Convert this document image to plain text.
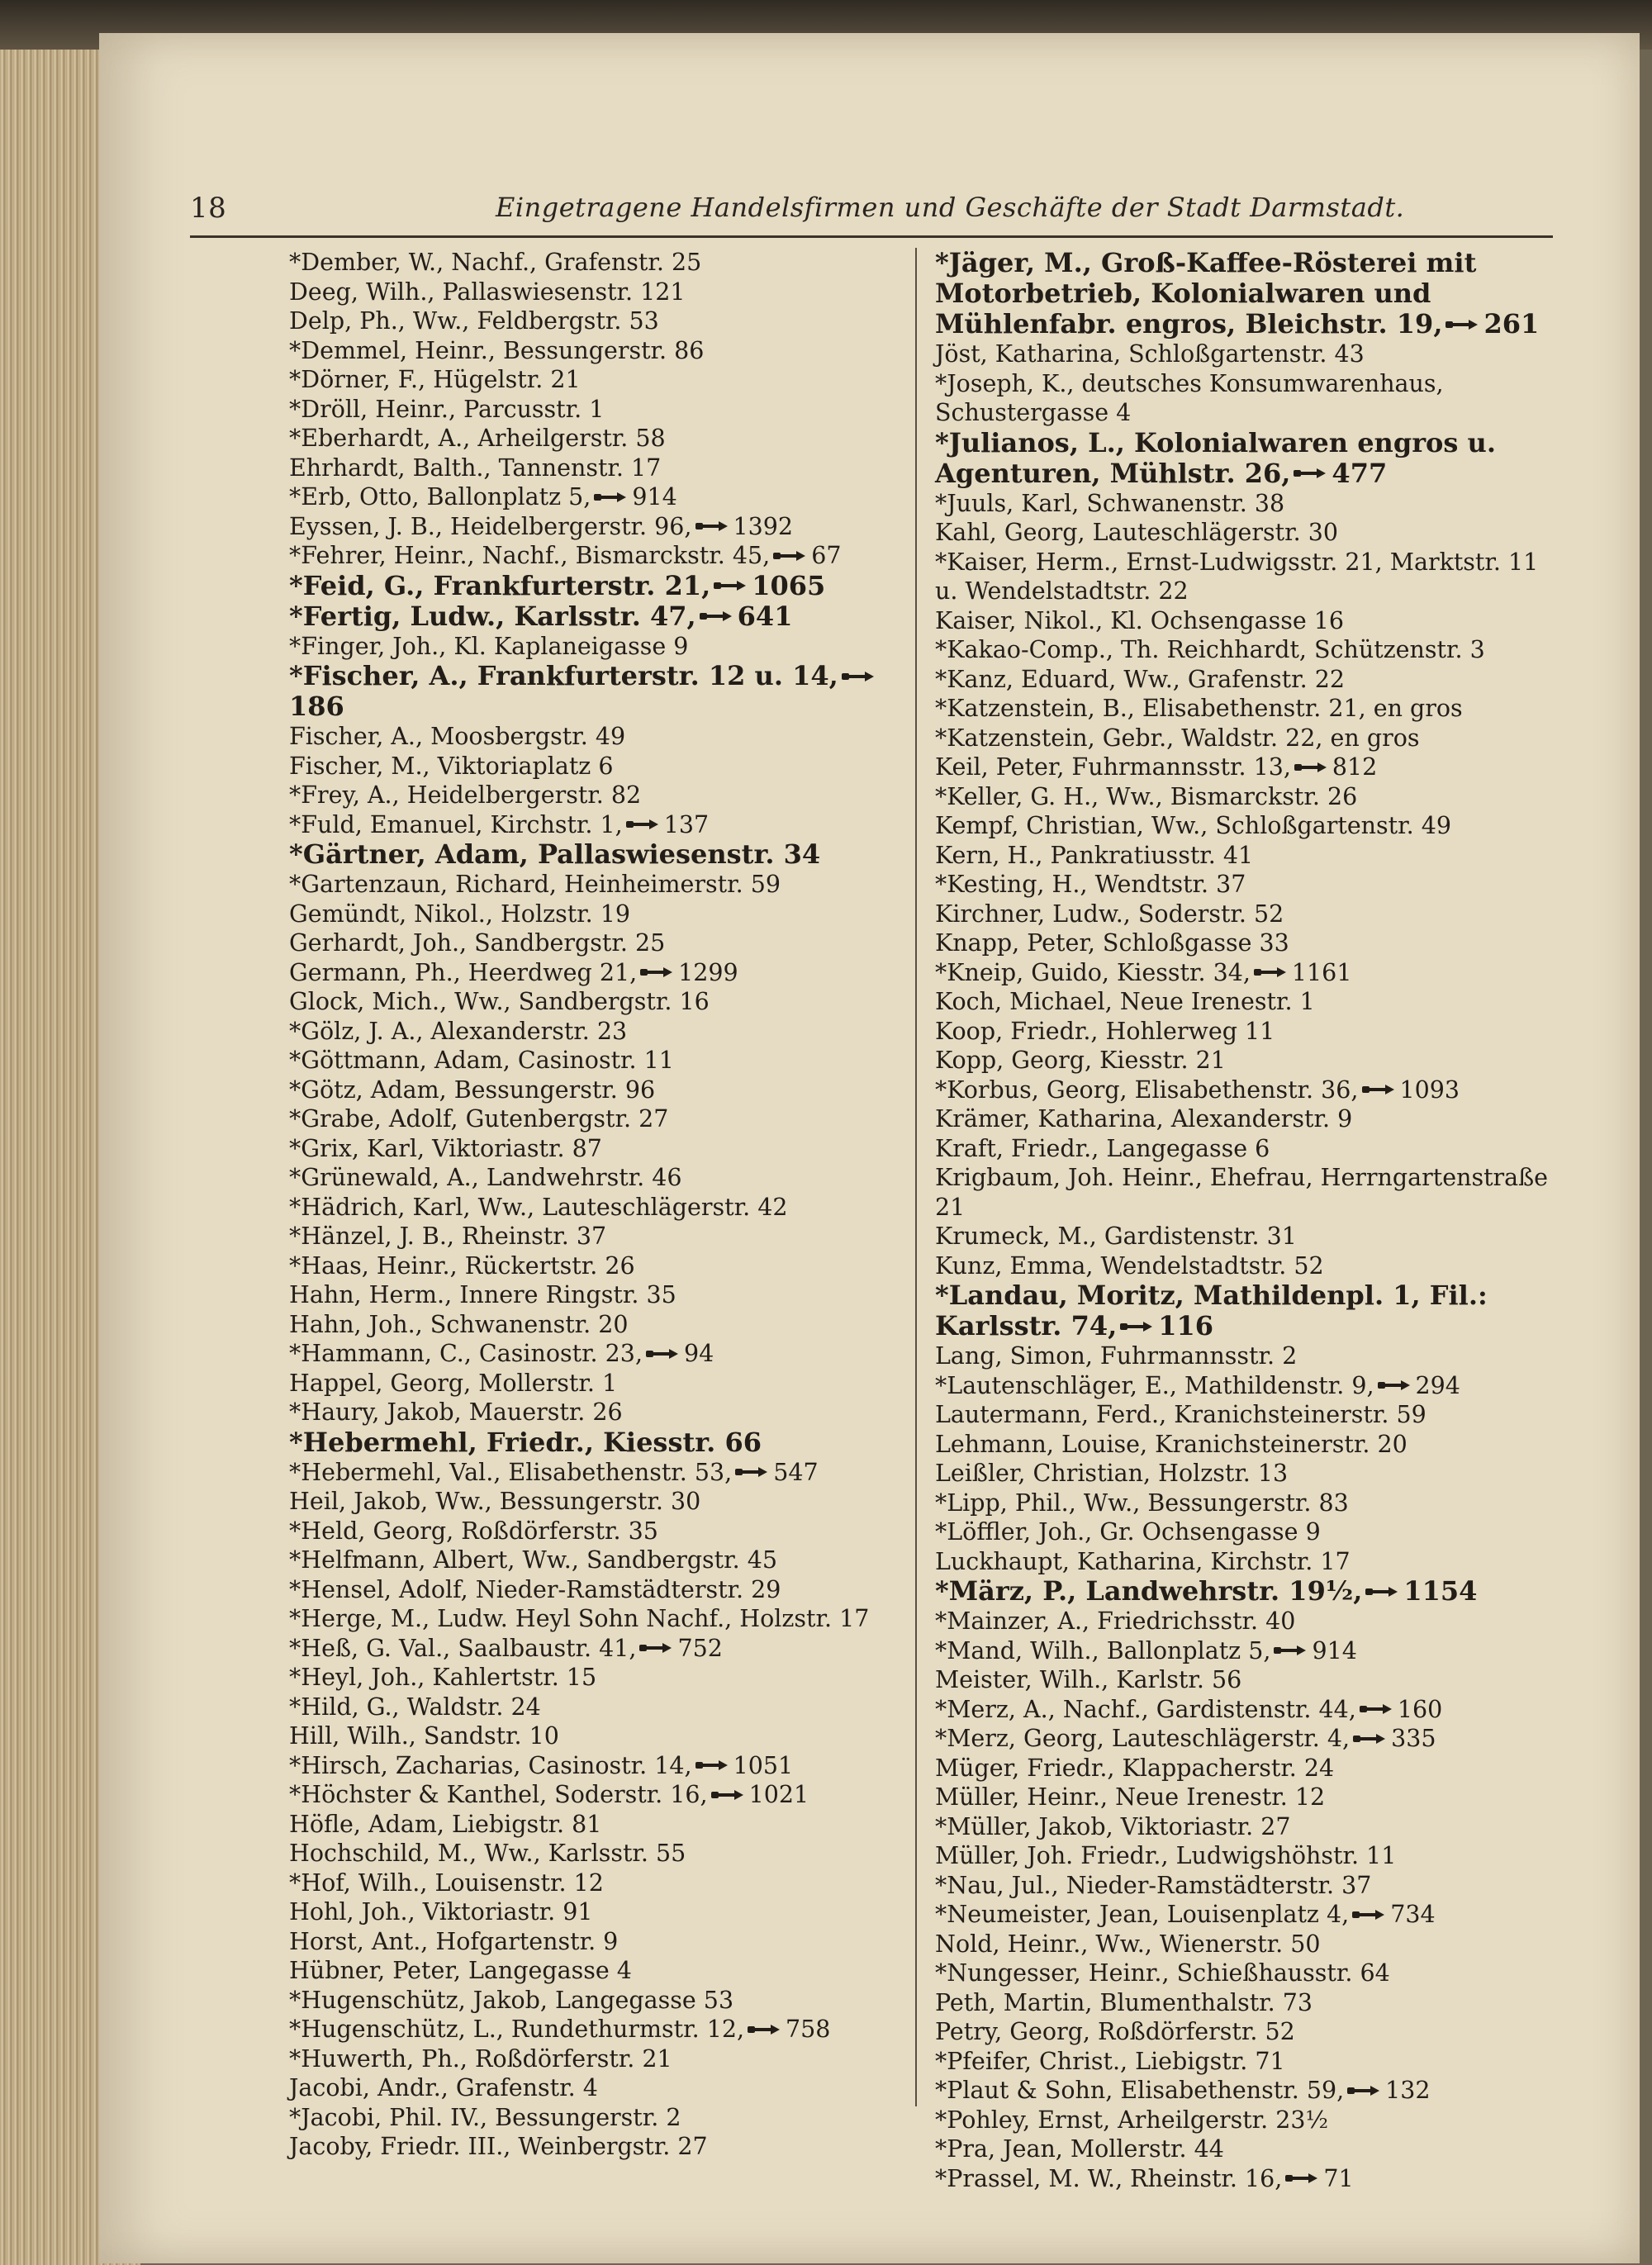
18	Eingetragene Handelsfirmen und Geschäfte der Stadt Darmstadt.
*Dember, W., Nachf., Grafenstr. 25
Deeg, Wilh., Pallaswiesenstr. 121
Delp, Ph., Ww., Feldbergstr. 53
*Demmel, Heinr., Bessungerstr. 86
*Dörner, F., Hügelstr. 21
*Dröll, Heinr., Parcusstr. 1
*Eberhardt, A., Arheilgerstr. 58
Ehrhardt, Balth., Tannenstr. 17
*Erb, Otto, Ballonplatz 5, 914
Eyssen, J. B., Heidelbergerstr. 96, 1392
*Fehrer, Heinr., Nachf., Bismarckstr. 45, 67
*Feid, G., Frankfurterstr. 21, 1065
*Fertig, Ludw., Karlsstr. 47, 641
*Finger, Joh., Kl. Kaplaneigasse 9
*Fischer, A., Frankfurterstr. 12 u. 14,
186
Fischer, A., Moosbergstr. 49
Fischer, M., Viktoriaplatz 6
*Frey, A., Heidelbergerstr. 82
*Fuld, Emanuel, Kirchstr. 1, 137
*Gärtner, Adam, Pallaswiesenstr. 34
*Gartenzaun, Richard, Heinheimerstr. 59
Gemündt, Nikol., Holzstr. 19
Gerhardt, Joh., Sandbergstr. 25
Germann, Ph., Heerdweg 21, 1299
Glock, Mich., Ww., Sandbergstr. 16
*Gölz, J. A., Alexanderstr. 23
*Göttmann, Adam, Casinostr. 11
*Götz, Adam, Bessungerstr. 96
*Grabe, Adolf, Gutenbergstr. 27
*Grix, Karl, Viktoriastr. 87
*Grünewald, A., Landwehrstr. 46
*Hädrich, Karl, Ww., Lauteschlägerstr. 42
*Hänzel, J. B., Rheinstr. 37
*Haas, Heinr., Rückertstr. 26
Hahn, Herm., Innere Ringstr. 35
Hahn, Joh., Schwanenstr. 20
*Hammann, C., Casinostr. 23, 94
Happel, Georg, Mollerstr. 1
*Haury, Jakob, Mauerstr. 26
*Hebermehl, Friedr., Kiesstr. 66
*Hebermehl, Val., Elisabethenstr. 53, 547
Heil, Jakob, Ww., Bessungerstr. 30
*Held, Georg, Roßdörferstr. 35
*Helfmann, Albert, Ww., Sandbergstr. 45
*Hensel, Adolf, Nieder-Ramstädterstr. 29
*Herge, M., Ludw. Heyl Sohn Nachf., Holzstr. 17
*Heß, G. Val., Saalbaustr. 41, 752
*Heyl, Joh., Kahlertstr. 15
*Hild, G., Waldstr. 24
Hill, Wilh., Sandstr. 10
*Hirsch, Zacharias, Casinostr. 14, 1051
*Höchster & Kanthel, Soderstr. 16, 1021
Höfle, Adam, Liebigstr. 81
Hochschild, M., Ww., Karlsstr. 55
*Hof, Wilh., Louisenstr. 12
Hohl, Joh., Viktoriastr. 91
Horst, Ant., Hofgartenstr. 9
Hübner, Peter, Langegasse 4
*Hugenschütz, Jakob, Langegasse 53
*Hugenschütz, L., Rundethurmstr. 12, 758
*Huwerth, Ph., Roßdörferstr. 21
Jacobi, Andr., Grafenstr. 4
*Jacobi, Phil. IV., Bessungerstr. 2
Jacoby, Friedr. III., Weinbergstr. 27
*Jäger, M., Groß-Kaffee-Rösterei mit Motorbetrieb, Kolonialwaren und Mühlenfabr. engros, Bleichstr. 19, 261
Jöst, Katharina, Schloßgartenstr. 43
*Joseph, K., deutsches Konsumwarenhaus, Schustergasse 4
*Julianos, L., Kolonialwaren engros u. Agenturen, Mühlstr. 26, 477
*Juuls, Karl, Schwanenstr. 38
Kahl, Georg, Lauteschlägerstr. 30
*Kaiser, Herm., Ernst-Ludwigsstr. 21, Marktstr. 11 u. Wendelstadtstr. 22
Kaiser, Nikol., Kl. Ochsengasse 16
*Kakao-Comp., Th. Reichhardt, Schützenstr. 3
*Kanz, Eduard, Ww., Grafenstr. 22
*Katzenstein, B., Elisabethenstr. 21, en gros
*Katzenstein, Gebr., Waldstr. 22, en gros
Keil, Peter, Fuhrmannsstr. 13, 812
*Keller, G. H., Ww., Bismarckstr. 26
Kempf, Christian, Ww., Schloßgartenstr. 49
Kern, H., Pankratiusstr. 41
*Kesting, H., Wendtstr. 37
Kirchner, Ludw., Soderstr. 52
Knapp, Peter, Schloßgasse 33
*Kneip, Guido, Kiesstr. 34, 1161
Koch, Michael, Neue Irenestr. 1
Koop, Friedr., Hohlerweg 11
Kopp, Georg, Kiesstr. 21
*Korbus, Georg, Elisabethenstr. 36, 1093
Krämer, Katharina, Alexanderstr. 9
Kraft, Friedr., Langegasse 6
Krigbaum, Joh. Heinr., Ehefrau, Herrngartenstraße 21
Krumeck, M., Gardistenstr. 31
Kunz, Emma, Wendelstadtstr. 52
*Landau, Moritz, Mathildenpl. 1, Fil.: Karlsstr. 74, 116
Lang, Simon, Fuhrmannsstr. 2
*Lautenschläger, E., Mathildenstr. 9, 294
Lautermann, Ferd., Kranichsteinerstr. 59
Lehmann, Louise, Kranichsteinerstr. 20
Leißler, Christian, Holzstr. 13
*Lipp, Phil., Ww., Bessungerstr. 83
*Löffler, Joh., Gr. Ochsengasse 9
Luckhaupt, Katharina, Kirchstr. 17
*März, P., Landwehrstr. 19½, 1154
*Mainzer, A., Friedrichsstr. 40
*Mand, Wilh., Ballonplatz 5, 914
Meister, Wilh., Karlstr. 56
*Merz, A., Nachf., Gardistenstr. 44, 160
*Merz, Georg, Lauteschlägerstr. 4, 335
Müger, Friedr., Klappacherstr. 24
Müller, Heinr., Neue Irenestr. 12
*Müller, Jakob, Viktoriastr. 27
Müller, Joh. Friedr., Ludwigshöhstr. 11
*Nau, Jul., Nieder-Ramstädterstr. 37
*Neumeister, Jean, Louisenplatz 4, 734
Nold, Heinr., Ww., Wienerstr. 50
*Nungesser, Heinr., Schießhausstr. 64
Peth, Martin, Blumenthalstr. 73
Petry, Georg, Roßdörferstr. 52
*Pfeifer, Christ., Liebigstr. 71
*Plaut & Sohn, Elisabethenstr. 59, 132
*Pohley, Ernst, Arheilgerstr. 23½
*Pra, Jean, Mollerstr. 44
*Prassel, M. W., Rheinstr. 16, 71
